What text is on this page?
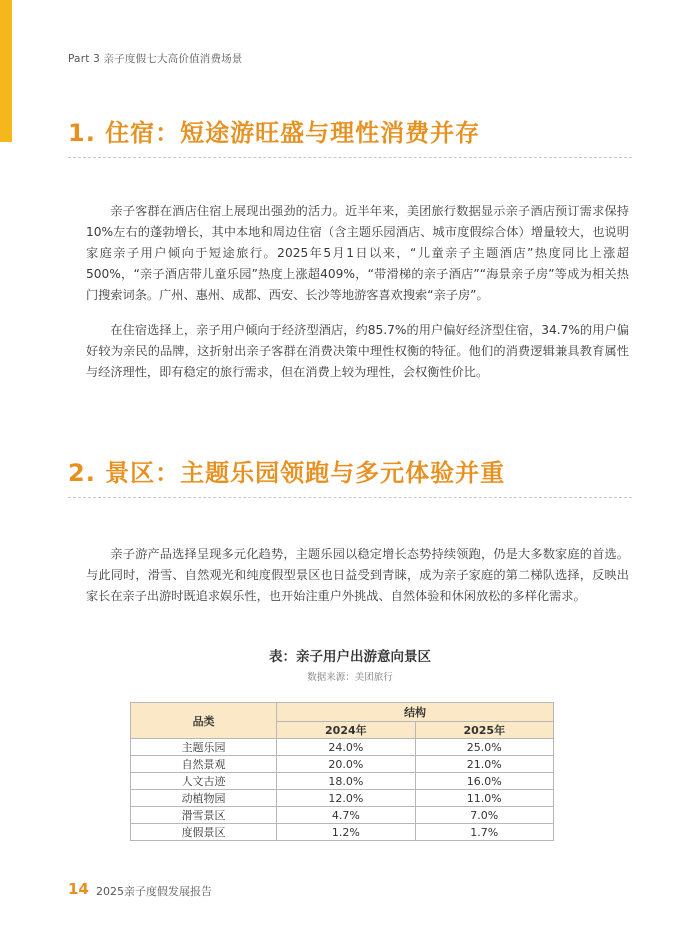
Part 3 亲子度假七大高价值消费场景
1. 住宿：短途游旺盛与理性消费并存

亲子客群在酒店住宿上展现出强劲的活力。近半年来，美团旅行数据显示亲子酒店预订需求保持10%左右的蓬勃增长，其中本地和周边住宿（含主题乐园酒店、城市度假综合体）增量较大，也说明家庭亲子用户倾向于短途旅行。2025年5月1日以来，“儿童亲子主题酒店”热度同比上涨超500%，“亲子酒店带儿童乐园”热度上涨超409%，“带滑梯的亲子酒店”“海景亲子房”等成为相关热门搜索词条。广州、惠州、成都、西安、长沙等地游客喜欢搜索“亲子房”。

在住宿选择上，亲子用户倾向于经济型酒店，约85.7%的用户偏好经济型住宿，34.7%的用户偏好较为亲民的品牌，这折射出亲子客群在消费决策中理性权衡的特征。他们的消费逻辑兼具教育属性与经济理性，即有稳定的旅行需求，但在消费上较为理性，会权衡性价比。

2. 景区：主题乐园领跑与多元体验并重

亲子游产品选择呈现多元化趋势，主题乐园以稳定增长态势持续领跑，仍是大多数家庭的首选。与此同时，滑雪、自然观光和纯度假型景区也日益受到青睐，成为亲子家庭的第二梯队选择，反映出家长在亲子出游时既追求娱乐性，也开始注重户外挑战、自然体验和休闲放松的多样化需求。

表：亲子用户出游意向景区
数据来源：美团旅行
品类	结构	
	2024年	2025年
主题乐园	24.0%	25.0%
自然景观	20.0%	21.0%
人文古迹	18.0%	16.0%
动植物园	12.0%	11.0%
滑雪景区	4.7%	7.0%
度假景区	1.2%	1.7%
14 2025亲子度假发展报告
